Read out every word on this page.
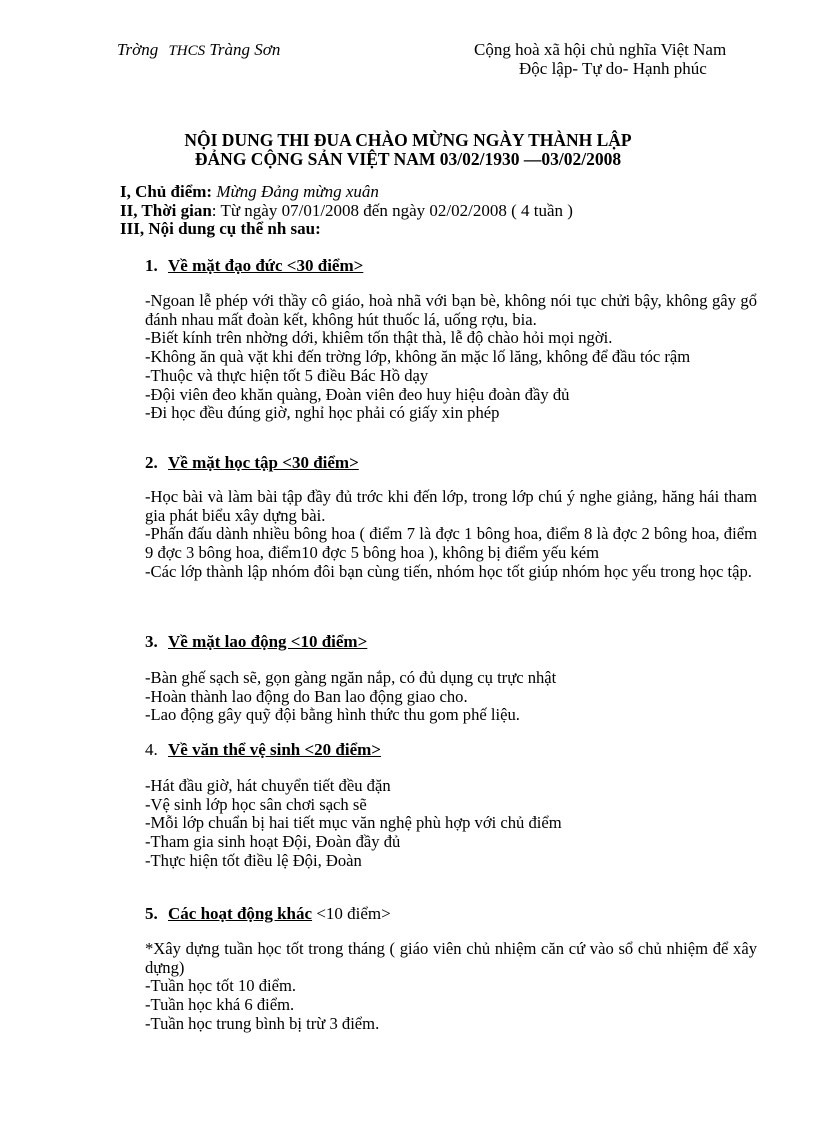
Trờng THCS Tràng Sơn	Cộng hoà xã hội chủ nghĩa Việt Nam
Độc lập- Tự do- Hạnh phúc
NỘI DUNG THI ĐUA CHÀO MỪNG NGÀY THÀNH LẬP
ĐẢNG CỘNG SẢN VIỆT NAM 03/02/1930 —03/02/2008
I, Chủ điểm: Mừng Đảng mừng xuân
II, Thời gian: Từ ngày 07/01/2008 đến ngày 02/02/2008 ( 4 tuần )
III, Nội dung cụ thể nh sau:
1. Về mặt đạo đức <30 điểm>
-Ngoan lễ phép với thầy cô giáo, hoà nhã với bạn bè, không nói tục chửi bậy, không gây gổ đánh nhau mất đoàn kết, không hút thuốc lá, uống rợu, bia.
-Biết kính trên nhờng dới, khiêm tốn thật thà, lễ độ chào hỏi mọi ngời.
-Không ăn quà vặt khi đến trờng lớp, không ăn mặc lố lăng, không để đầu tóc rậm
-Thuộc và thực hiện tốt 5 điều Bác Hồ dạy
-Đội viên đeo khăn quàng, Đoàn viên đeo huy hiệu đoàn đầy đủ
-Đi học đều đúng giờ, nghỉ học phải có giấy xin phép
2. Về mặt học tập <30 điểm>
-Học bài và làm bài tập đầy đủ trớc khi đến lớp, trong lớp chú ý nghe giảng, hăng hái tham gia phát biểu xây dựng bài.
-Phấn đấu dành nhiều bông hoa ( điểm 7 là đợc 1 bông hoa, điểm 8 là đợc 2 bông hoa, điểm 9 đợc 3 bông hoa, điểm10 đợc 5 bông hoa ), không bị điểm yếu kém
-Các lớp thành lập nhóm đôi bạn cùng tiến, nhóm học tốt giúp nhóm học yếu trong học tập.
3. Về mặt lao động <10 điểm>
-Bàn ghế sạch sẽ, gọn gàng ngăn nắp, có đủ dụng cụ trực nhật
-Hoàn thành lao động do Ban lao động giao cho.
-Lao động gây quỹ đội bằng hình thức thu gom phế liệu.
4. Về văn thể vệ sinh <20 điểm>
-Hát đầu giờ, hát chuyển tiết đều đặn
-Vệ sinh lớp học sân chơi sạch sẽ
-Mỗi lớp chuẩn bị hai tiết mục văn nghệ phù hợp với chủ điểm
-Tham gia sinh hoạt Đội, Đoàn đầy đủ
-Thực hiện tốt điều lệ Đội, Đoàn
5. Các hoạt động khác <10 điểm>
*Xây dựng tuần học tốt trong tháng ( giáo viên chủ nhiệm căn cứ vào sổ chủ nhiệm để xây dựng)
-Tuần học tốt 10 điểm.
-Tuần học khá 6 điểm.
-Tuần học trung bình bị trừ 3 điểm.
